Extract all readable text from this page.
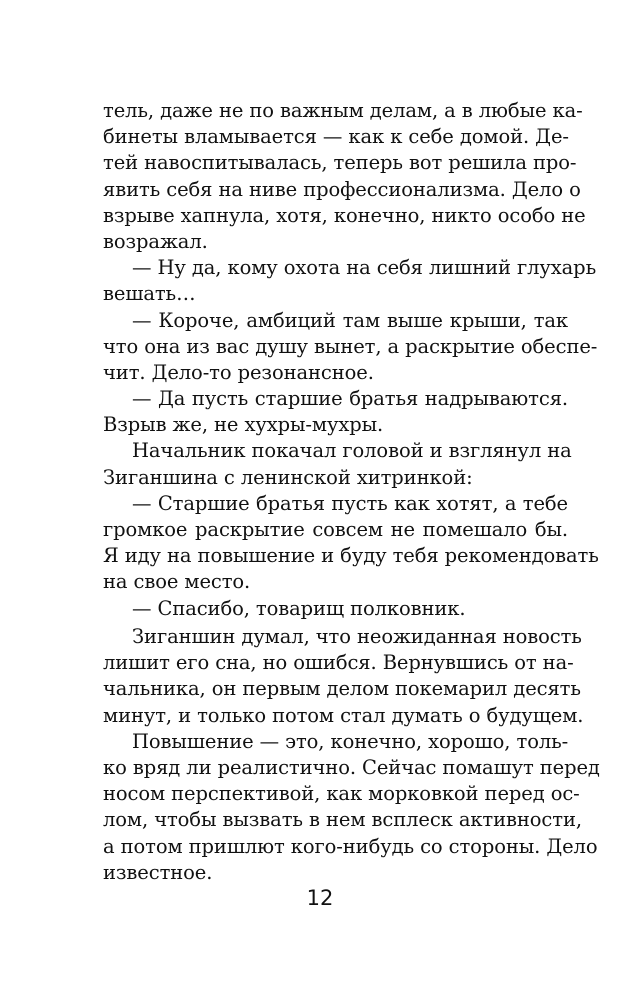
тель, даже не по важным делам, а в любые ка-
бинеты вламывается — как к себе домой. Де-
тей навоспитывалась, теперь вот решила про-
явить себя на ниве профессионализма. Дело о
взрыве хапнула, хотя, конечно, никто особо не
возражал.
— Ну да, кому охота на себя лишний глухарь
вешать…
— Короче, амбиций там выше крыши, так
что она из вас душу вынет, а раскрытие обеспе-
чит. Дело-то резонансное.
— Да пусть старшие братья надрываются.
Взрыв же, не хухры-мухры.
Начальник покачал головой и взглянул на
Зиганшина с ленинской хитринкой:
— Старшие братья пусть как хотят, а тебе
громкое раскрытие совсем не помешало бы.
Я иду на повышение и буду тебя рекомендовать
на свое место.
— Спасибо, товарищ полковник.
Зиганшин думал, что неожиданная новость
лишит его сна, но ошибся. Вернувшись от на-
чальника, он первым делом покемарил десять
минут, и только потом стал думать о будущем.
Повышение — это, конечно, хорошо, толь-
ко вряд ли реалистично. Сейчас помашут перед
носом перспективой, как морковкой перед ос-
лом, чтобы вызвать в нем всплеск активности,
а потом пришлют кого-нибудь со стороны. Дело
известное.
12
